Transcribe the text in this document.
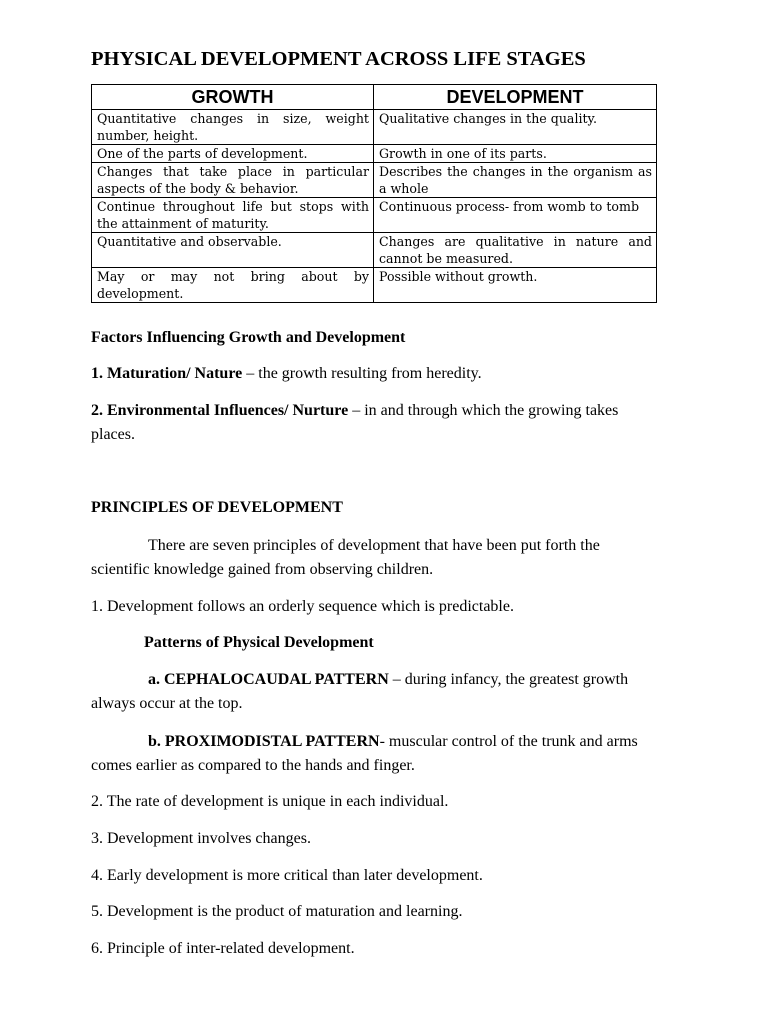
PHYSICAL DEVELOPMENT ACROSS LIFE STAGES
GROWTH	DEVELOPMENT
Quantitative changes in size, weight number, height.	Qualitative changes in the quality.
One of the parts of development.	Growth in one of its parts.
Changes that take place in particular aspects of the body & behavior.	Describes the changes in the organism as a whole
Continue throughout life but stops with the attainment of maturity.	Continuous process- from womb to tomb
Quantitative and observable.	Changes are qualitative in nature and cannot be measured.
May or may not bring about by development.	Possible without growth.
Factors Influencing Growth and Development
1. Maturation/ Nature – the growth resulting from heredity.
2. Environmental Influences/ Nurture – in and through which the growing takes places.
PRINCIPLES OF DEVELOPMENT
There are seven principles of development that have been put forth the scientific knowledge gained from observing children.
1. Development follows an orderly sequence which is predictable.
Patterns of Physical Development
a. CEPHALOCAUDAL PATTERN – during infancy, the greatest growth always occur at the top.
b. PROXIMODISTAL PATTERN- muscular control of the trunk and arms comes earlier as compared to the hands and finger.
2. The rate of development is unique in each individual.
3. Development involves changes.
4. Early development is more critical than later development.
5. Development is the product of maturation and learning.
6. Principle of inter-related development.
